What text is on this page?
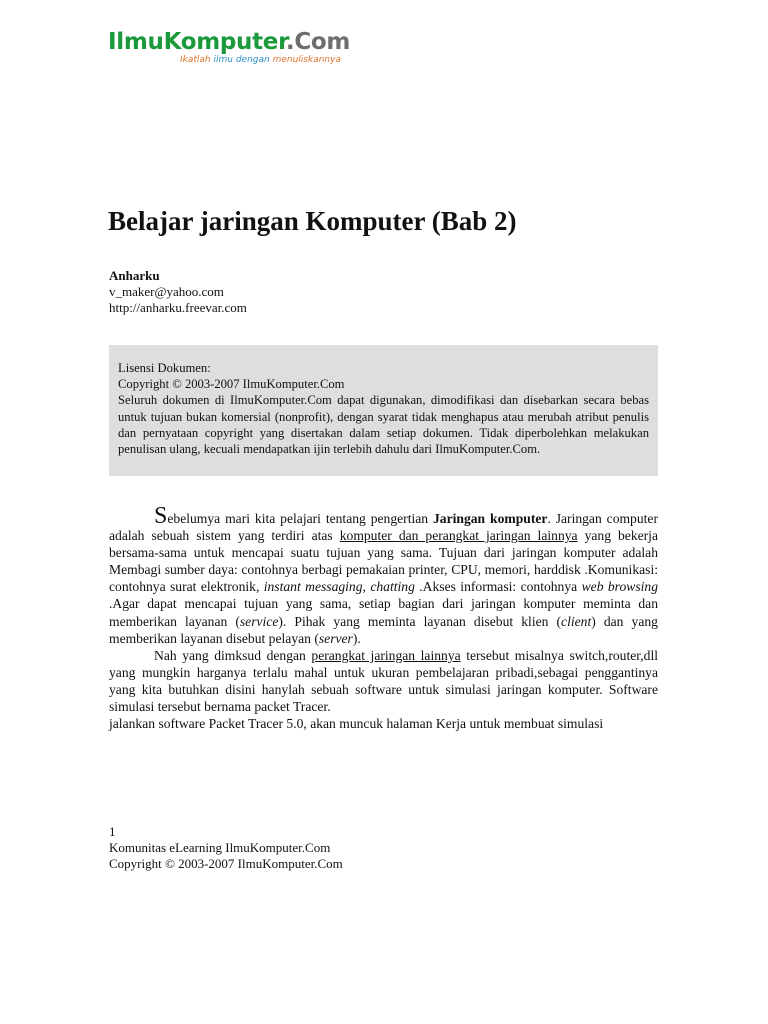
IlmuKomputer.Com
Ikatlah ilmu dengan menuliskannya
Belajar jaringan Komputer (Bab 2)
Anharku
v_maker@yahoo.com
http://anharku.freevar.com
Lisensi Dokumen:
Copyright © 2003-2007 IlmuKomputer.Com
Seluruh dokumen di IlmuKomputer.Com dapat digunakan, dimodifikasi dan disebarkan secara bebas untuk tujuan bukan komersial (nonprofit), dengan syarat tidak menghapus atau merubah atribut penulis dan pernyataan copyright yang disertakan dalam setiap dokumen. Tidak diperbolehkan melakukan penulisan ulang, kecuali mendapatkan ijin terlebih dahulu dari IlmuKomputer.Com.

Sebelumya mari kita pelajari tentang pengertian Jaringan komputer. Jaringan computer adalah sebuah sistem yang terdiri atas komputer dan perangkat jaringan lainnya yang bekerja bersama-sama untuk mencapai suatu tujuan yang sama. Tujuan dari jaringan komputer adalah Membagi sumber daya: contohnya berbagi pemakaian printer, CPU, memori, harddisk .Komunikasi: contohnya surat elektronik, instant messaging, chatting .Akses informasi: contohnya web browsing .Agar dapat mencapai tujuan yang sama, setiap bagian dari jaringan komputer meminta dan memberikan layanan (service). Pihak yang meminta layanan disebut klien (client) dan yang memberikan layanan disebut pelayan (server).

Nah yang dimksud dengan perangkat jaringan lainnya tersebut misalnya switch,router,dll yang mungkin harganya terlalu mahal untuk ukuran pembelajaran pribadi,sebagai penggantinya yang kita butuhkan disini hanylah sebuah software untuk simulasi jaringan komputer. Software simulasi tersebut bernama packet Tracer.

jalankan software Packet Tracer 5.0, akan muncuk halaman Kerja untuk membuat simulasi

1
Komunitas eLearning IlmuKomputer.Com
Copyright © 2003-2007 IlmuKomputer.Com
